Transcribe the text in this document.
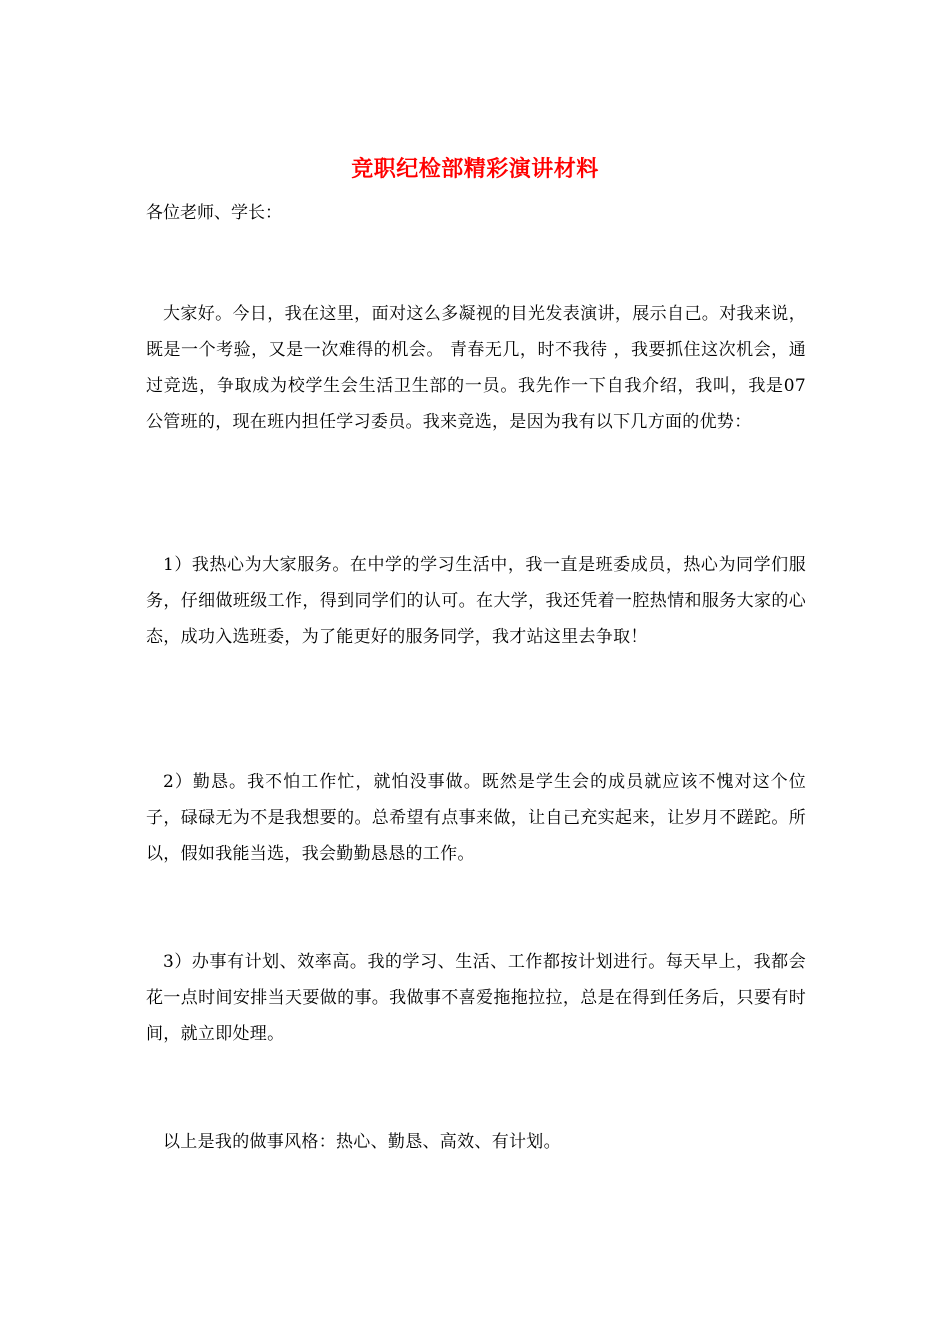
竞职纪检部精彩演讲材料
各位老师、学长：
大家好。今日，我在这里，面对这么多凝视的目光发表演讲，展示自己。对我来说，既是一个考验，又是一次难得的机会。 青春无几，时不我待 ，我要抓住这次机会，通过竞选，争取成为校学生会生活卫生部的一员。我先作一下自我介绍，我叫，我是07公管班的，现在班内担任学习委员。我来竞选，是因为我有以下几方面的优势：
1）我热心为大家服务。在中学的学习生活中，我一直是班委成员，热心为同学们服务，仔细做班级工作，得到同学们的认可。在大学，我还凭着一腔热情和服务大家的心态，成功入选班委，为了能更好的服务同学，我才站这里去争取！
2）勤恳。我不怕工作忙，就怕没事做。既然是学生会的成员就应该不愧对这个位子，碌碌无为不是我想要的。总希望有点事来做，让自己充实起来，让岁月不蹉跎。所以，假如我能当选，我会勤勤恳恳的工作。
3）办事有计划、效率高。我的学习、生活、工作都按计划进行。每天早上，我都会花一点时间安排当天要做的事。我做事不喜爱拖拖拉拉，总是在得到任务后，只要有时间，就立即处理。
以上是我的做事风格：热心、勤恳、高效、有计划。
